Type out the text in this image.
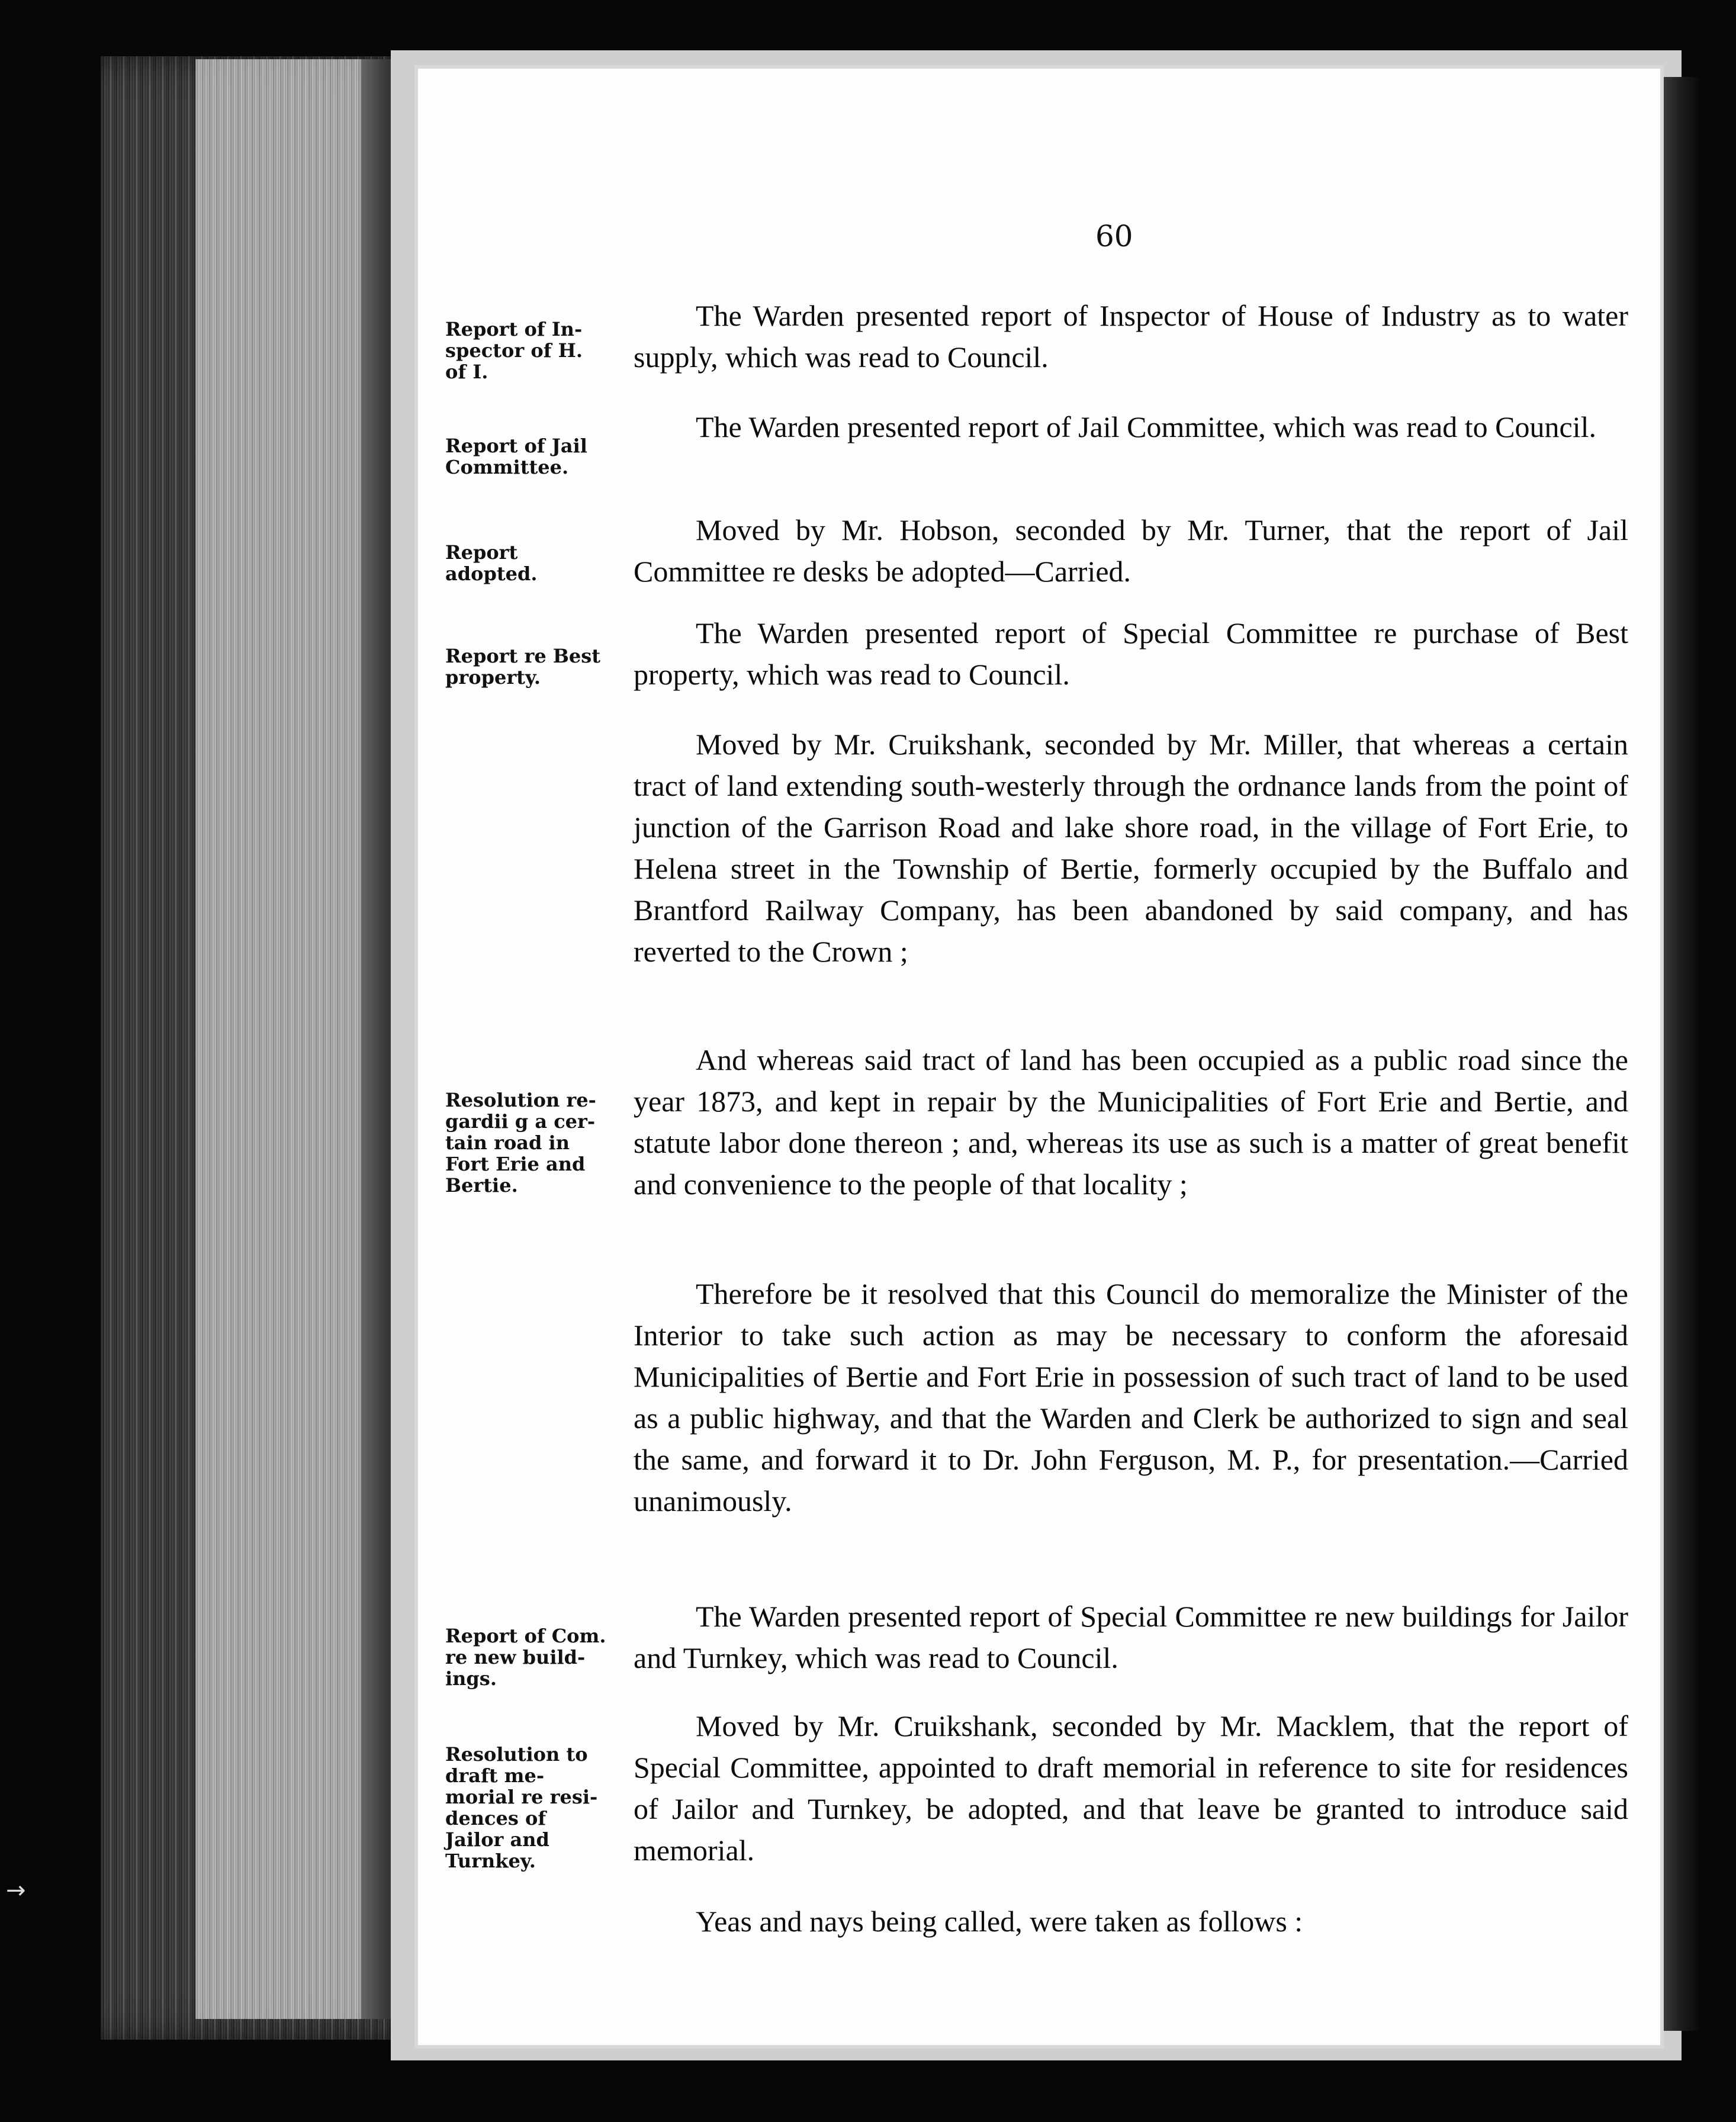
60
Report of In-
spector of H.
of I.
Report of Jail
Committee.
Report
adopted.
Report re Best
property.
Resolution re-
gardii g a cer-
tain road in
Fort Erie and
Bertie.
Report of Com.
re new build-
ings.
Resolution to
draft me-
morial re resi-
dences of
Jailor and
Turnkey.
The Warden presented report of Inspector of House of Industry as to water supply, which was read to Council.
The Warden presented report of Jail Committee, which was read to Council.
Moved by Mr. Hobson, seconded by Mr. Turner, that the report of Jail Committee re desks be adopted—Carried.
The Warden presented report of Special Committee re purchase of Best property, which was read to Council.
Moved by Mr. Cruikshank, seconded by Mr. Miller, that whereas a certain tract of land extending south-westerly through the ordnance lands from the point of junction of the Garrison Road and lake shore road, in the village of Fort Erie, to Helena street in the Township of Bertie, formerly occupied by the Buffalo and Brantford Railway Company, has been abandoned by said company, and has reverted to the Crown ;
And whereas said tract of land has been occupied as a public road since the year 1873, and kept in repair by the Municipalities of Fort Erie and Bertie, and statute labor done thereon ; and, whereas its use as such is a matter of great benefit and convenience to the people of that locality ;
Therefore be it resolved that this Council do memoralize the Minister of the Interior to take such action as may be necessary to conform the aforesaid Municipalities of Bertie and Fort Erie in possession of such tract of land to be used as a public highway, and that the Warden and Clerk be authorized to sign and seal the same, and forward it to Dr. John Ferguson, M. P., for presentation.—Carried unanimously.
The Warden presented report of Special Committee re new buildings for Jailor and Turnkey, which was read to Council.
Moved by Mr. Cruikshank, seconded by Mr. Macklem, that the report of Special Committee, appointed to draft memorial in reference to site for residences of Jailor and Turnkey, be adopted, and that leave be granted to introduce said memorial.
Yeas and nays being called, were taken as follows :
→
